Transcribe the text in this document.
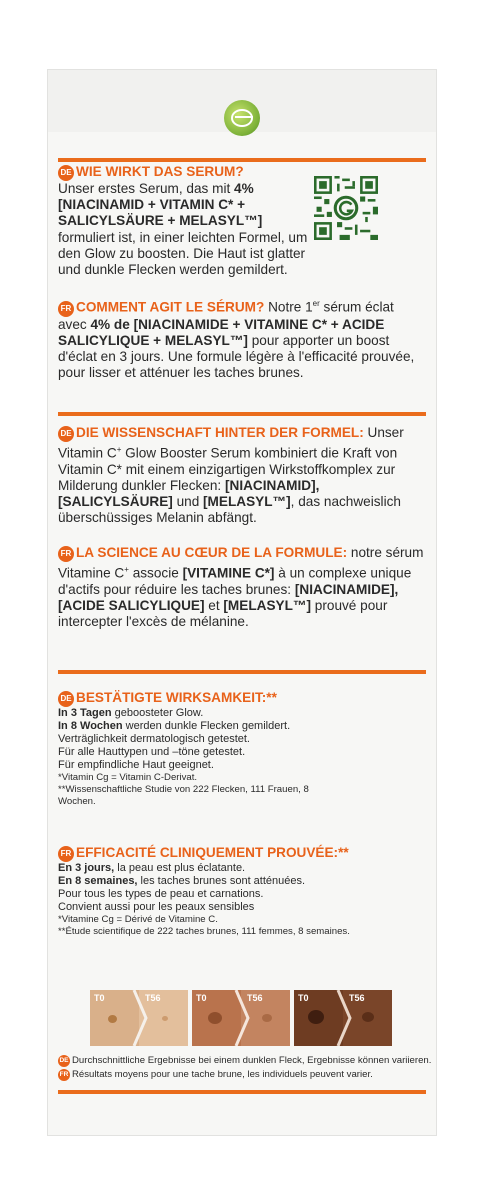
DE WIE WIRKT DAS SERUM?

Unser erstes Serum, das mit 4% [NIACINAMID + VITAMIN C* + SALICYLSÄURE + MELASYL™] formuliert ist, in einer leichten Formel, um den Glow zu boosten. Die Haut ist glatter und dunkle Flecken werden gemildert.

FR COMMENT AGIT LE SÉRUM? Notre 1er sérum éclat avec 4% de [NIACINAMIDE + VITAMINE C* + ACIDE SALICYLIQUE + MELASYL™] pour apporter un boost d'éclat en 3 jours. Une formule légère à l'efficacité prouvée, pour lisser et atténuer les taches brunes.

DE DIE WISSENSCHAFT HINTER DER FORMEL: Unser Vitamin C+ Glow Booster Serum kombiniert die Kraft von Vitamin C* mit einem einzigartigen Wirkstoffkomplex zur Milderung dunkler Flecken: [NIACINAMID], [SALICYLSÄURE] und [MELASYL™], das nachweislich überschüssiges Melanin abfängt.

FR LA SCIENCE AU CŒUR DE LA FORMULE: notre sérum Vitamine C+ associe [VITAMINE C*] à un complexe unique d'actifs pour réduire les taches brunes: [NIACINAMIDE], [ACIDE SALICYLIQUE] et [MELASYL™] prouvé pour intercepter l'excès de mélanine.

DE BESTÄTIGTE WIRKSAMKEIT:**

In 3 Tagen geboosteter Glow.

In 8 Wochen werden dunkle Flecken gemildert.

Verträglichkeit dermatologisch getestet.

Für alle Hauttypen und –töne getestet.

Für empfindliche Haut geeignet.

*Vitamin Cg = Vitamin C-Derivat.

**Wissenschaftliche Studie von 222 Flecken, 111 Frauen, 8 Wochen.

FR EFFICACITÉ CLINIQUEMENT PROUVÉE:**

En 3 jours, la peau est plus éclatante.

En 8 semaines, les taches brunes sont atténuées.

Pour tous les types de peau et carnations.

Convient aussi pour les peaux sensibles

*Vitamine Cg = Dérivé de Vitamine C.

**Étude scientifique de 222 taches brunes, 111 femmes, 8 semaines.

T0	T56	T0	T56	T0	T56
DE Durchschnittliche Ergebnisse bei einem dunklen Fleck, Ergebnisse können variieren.
FR Résultats moyens pour une tache brune, les individuels peuvent varier.
